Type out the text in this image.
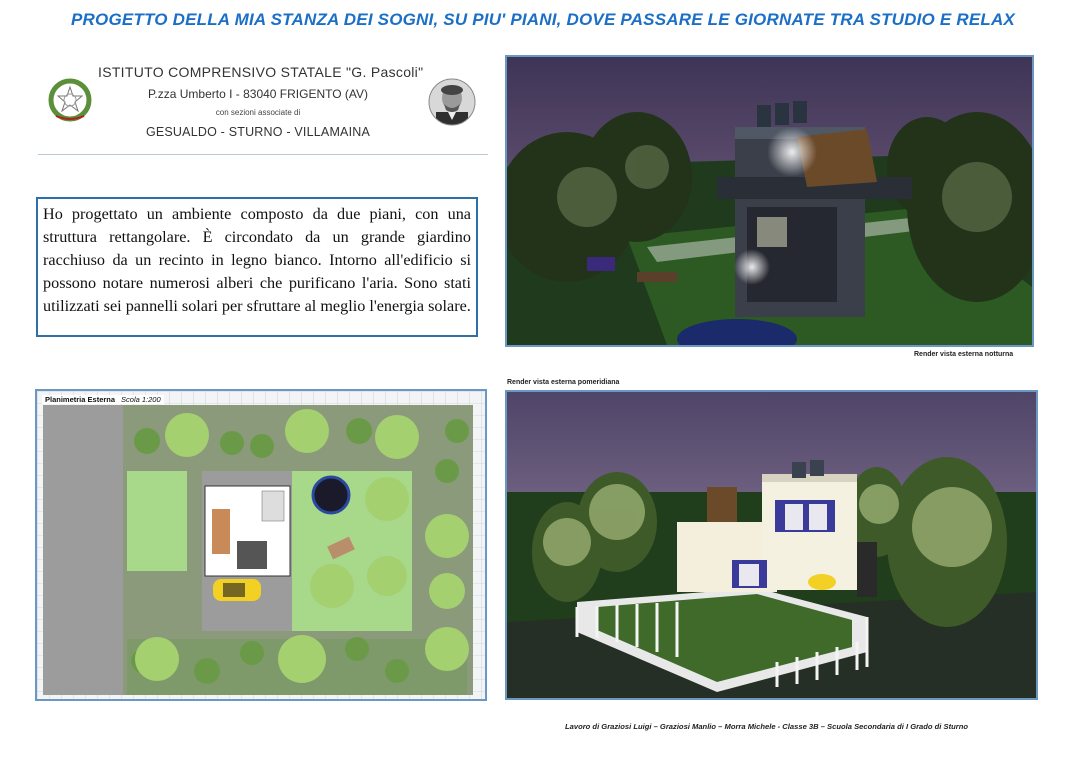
PROGETTO DELLA MIA STANZA DEI SOGNI, SU PIU' PIANI, DOVE PASSARE LE GIORNATE TRA STUDIO E RELAX
ISTITUTO COMPRENSIVO STATALE "G. Pascoli"
P.zza Umberto I - 83040 FRIGENTO (AV)
con sezioni associate di
GESUALDO - STURNO - VILLAMAINA
Ho progettato un ambiente composto da due piani, con una struttura rettangolare. È circondato da un grande giardino racchiuso da un recinto in legno bianco. Intorno all'edificio si possono notare numerosi alberi che purificano l'aria. Sono stati utilizzati sei pannelli solari per sfruttare al meglio l'energia solare.
Render vista esterna notturna
Planimetria Esterna Scola 1:200
Render vista esterna pomeridiana
Lavoro di Graziosi Luigi – Graziosi Manlio – Morra Michele - Classe 3B – Scuola Secondaria di I Grado di Sturno
